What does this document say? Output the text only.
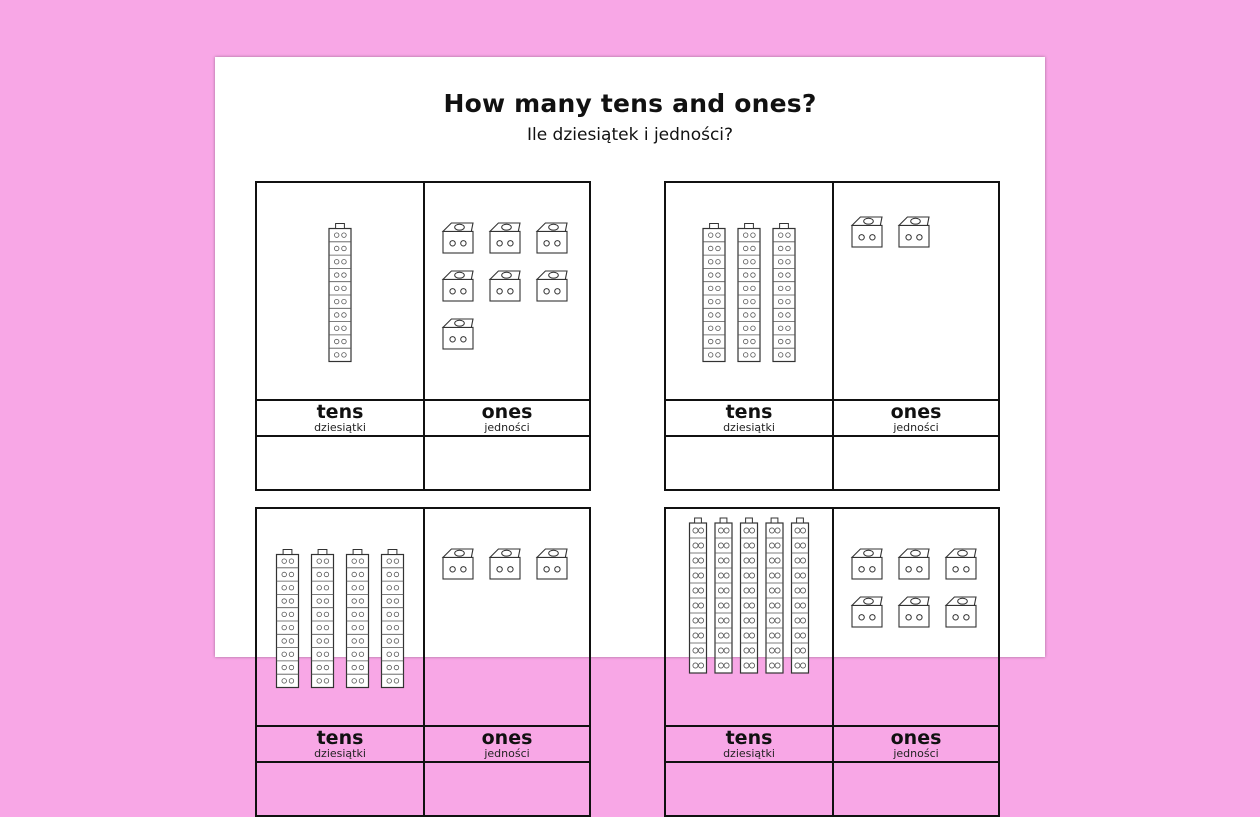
How many tens and ones?
Ile dziesiątek i jedności?
tens
dziesiątki
ones
jedności
tens
dziesiątki
ones
jedności
tens
dziesiątki
ones
jedności
tens
dziesiątki
ones
jedności
